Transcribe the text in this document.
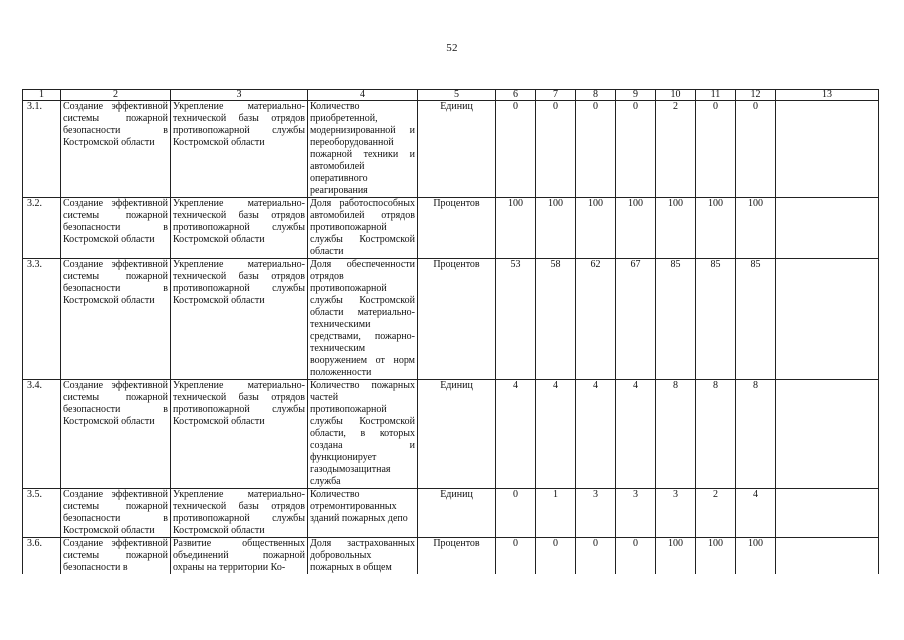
52
1	2	3	4	5	6	7	8	9	10	11	12	13
3.1.	Создание эффективной системы пожарной безопасности в Костромской области	Укрепление материально-технической базы отрядов противопожарной службы Костромской области	Количество приобретенной, модернизированной и переоборудованной пожарной техники и автомобилей оперативного реагирования	Единиц	0	0	0	0	2	0	0	
3.2.	Создание эффективной системы пожарной безопасности в Костромской области	Укрепление материально-технической базы отрядов противопожарной службы Костромской области	Доля работоспособных автомобилей отрядов противопожарной службы Костромской области	Процентов	100	100	100	100	100	100	100	
3.3.	Создание эффективной системы пожарной безопасности в Костромской области	Укрепление материально-технической базы отрядов противопожарной службы Костромской области	Доля обеспеченности отрядов противопожарной службы Костромской области материально-техническими средствами, пожарно-техническим вооружением от норм положенности	Процентов	53	58	62	67	85	85	85	
3.4.	Создание эффективной системы пожарной безопасности в Костромской области	Укрепление материально-технической базы отрядов противопожарной службы Костромской области	Количество пожарных частей противопожарной службы Костромской области, в которых создана и функционирует газодымозащитная служба	Единиц	4	4	4	4	8	8	8	
3.5.	Создание эффективной системы пожарной безопасности в Костромской области	Укрепление материально-технической базы отрядов противопожарной службы Костромской области	Количество отремонтированных зданий пожарных депо	Единиц	0	1	3	3	3	2	4	
3.6.	Создание эффективной системы пожарной безопасности в	Развитие общественных объединений пожарной охраны на территории Ко-	Доля застрахованных добровольных пожарных в общем	Процентов	0	0	0	0	100	100	100	
